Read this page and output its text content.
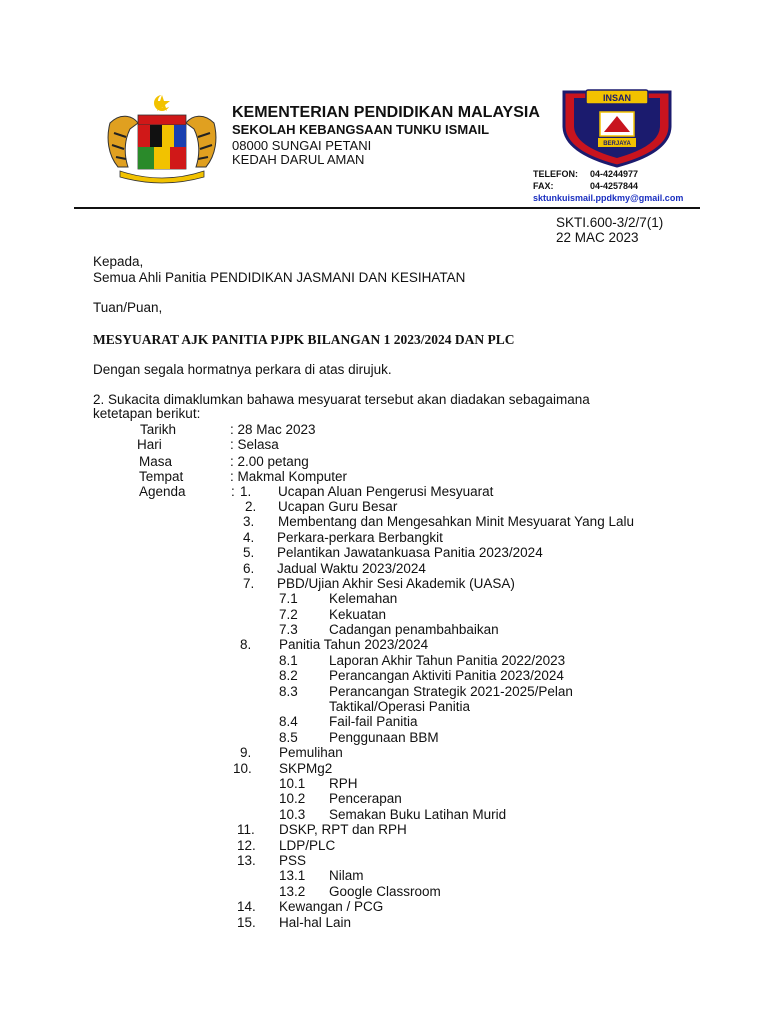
KEMENTERIAN PENDIDIKAN MALAYSIA
SEKOLAH KEBANGSAAN TUNKU ISMAIL
08000 SUNGAI PETANI
KEDAH DARUL AMAN
INSAN
BERJAYA
TELEFON: 04-4244977
FAX:	04-4257844
sktunkuismail.ppdkmy@gmail.com
SKTI.600-3/2/7(1)
22 MAC 2023
Kepada,
Semua Ahli Panitia PENDIDIKAN JASMANI DAN KESIHATAN
Tuan/Puan,
MESYUARAT AJK PANITIA PJPK BILANGAN 1 2023/2024 DAN PLC
Dengan segala hormatnya perkara di atas dirujuk.
2. Sukacita dimaklumkan bahawa mesyuarat tersebut akan diadakan sebagaimana
ketetapan berikut:
Tarikh	: 28 Mac 2023
Hari	: Selasa
Masa	: 2.00 petang
Tempat	: Makmal Komputer
Agenda	: 1. Ucapan Aluan Pengerusi Mesyuarat
2. Ucapan Guru Besar
3. Membentang dan Mengesahkan Minit Mesyuarat Yang Lalu
4. Perkara-perkara Berbangkit
5. Pelantikan Jawatankuasa Panitia 2023/2024
6. Jadual Waktu 2023/2024
7. PBD/Ujian Akhir Sesi Akademik (UASA)
7.1 Kelemahan
7.2 Kekuatan
7.3 Cadangan penambahbaikan
8. Panitia Tahun 2023/2024
8.1 Laporan Akhir Tahun Panitia 2022/2023
8.2 Perancangan Aktiviti Panitia 2023/2024
8.3 Perancangan Strategik 2021-2025/Pelan
Taktikal/Operasi Panitia
8.4 Fail-fail Panitia
8.5 Penggunaan BBM
9. Pemulihan
10. SKPMg2
10.1 RPH
10.2 Pencerapan
10.3 Semakan Buku Latihan Murid
11. DSKP, RPT dan RPH
12. LDP/PLC
13. PSS
13.1 Nilam
13.2 Google Classroom
14. Kewangan / PCG
15. Hal-hal Lain
